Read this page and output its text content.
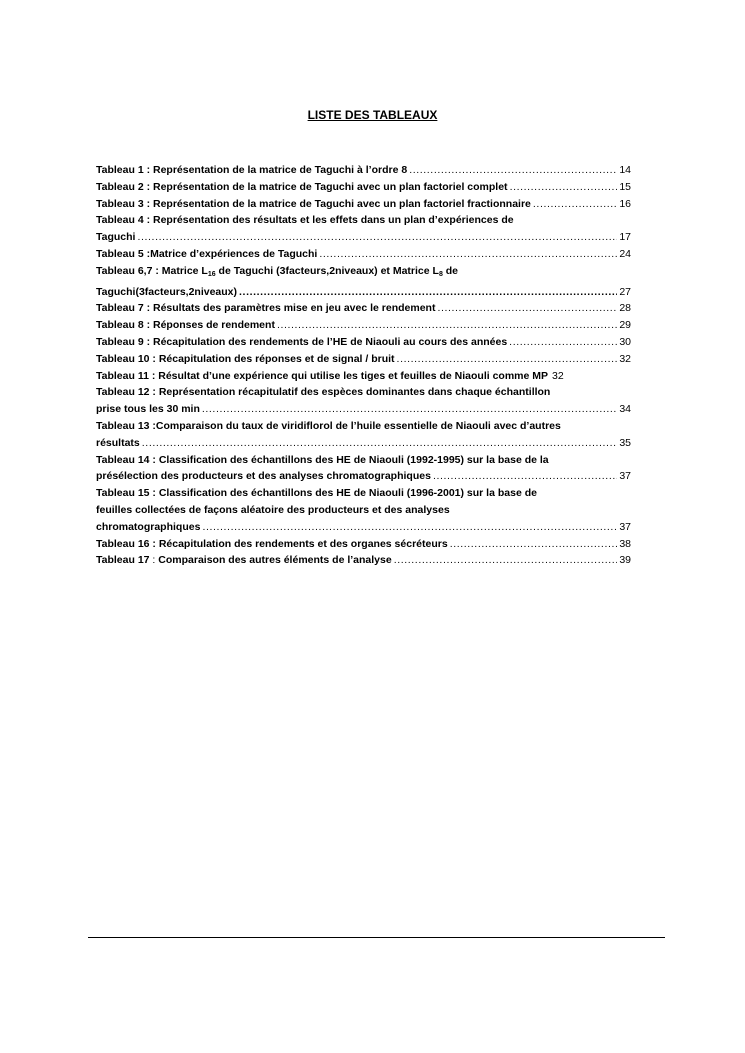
LISTE DES TABLEAUX
Tableau 1 : Représentation de la matrice de Taguchi à l’ordre 8 .....	14
Tableau 2 : Représentation de la matrice de Taguchi avec un plan factoriel complet .....	15
Tableau 3 : Représentation de la matrice de Taguchi avec un plan factoriel fractionnaire .....	16
Tableau 4 : Représentation des résultats et les effets dans un plan d’expériences de
Taguchi .....	17
Tableau 5 :Matrice d’expériences de Taguchi .....	24
Tableau 6,7 : Matrice $L_{16}$ de Taguchi (3facteurs,2niveaux) et Matrice $L_8$ de
Taguchi(3facteurs,2niveaux) .....	27
Tableau 7 : Résultats des paramètres mise en jeu avec le rendement .....	28
Tableau 8 : Réponses de rendement .....	29
Tableau 9 : Récapitulation des rendements de l’HE de Niaouli au cours des années .....	30
Tableau 10 : Récapitulation des réponses et de signal / bruit .....	32
Tableau 11 : Résultat d’une expérience qui utilise les tiges et feuilles de Niaouli comme MP 32
Tableau 12 : Représentation récapitulatif des espèces dominantes dans chaque échantillon
prise tous les 30 min .....	34
Tableau 13 :Comparaison du taux de viridiflorol de l’huile essentielle de Niaouli avec d’autres
résultats .....	35
Tableau 14 : Classification des échantillons des HE de Niaouli (1992-1995) sur la base de la
présélection des producteurs et des analyses chromatographiques .....	37
Tableau 15 : Classification des échantillons des HE de Niaouli (1996-2001) sur la base de
feuilles collectées de façons aléatoire des producteurs et des analyses
chromatographiques .....	37
Tableau 16 : Récapitulation des rendements et des organes sécréteurs .....	38
Tableau 17 : Comparaison des autres éléments de l’analyse .....	39
